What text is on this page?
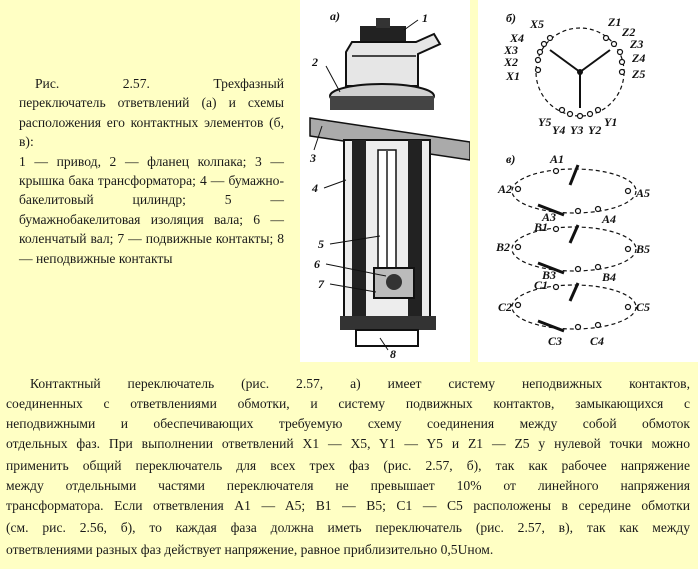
Рис.	2.57.	Трехфазный

переключатель ответвлений (а) и схемы расположения его контактных элементов (б, в):

1 — привод, 2 — фланец колпака; 3 — крышка бака трансформатора; 4 — бумажно-бакелитовый цилиндр; 5 — бумажнобакелитовая изоляция вала; 6 — коленчатый вал; 7 — подвижные контакты; 8 — неподвижные контакты

а)	1
2
3
4
5
6
7
8
б) X5
X4
X3
X2
X1
Z1
Z2
Z3
Z4
Z5
Y5
Y4 Y3 Y2
Y1
в)	A1
A2
A3	A4
A5
B1
B2
B3	B4
B5
C1
C2
C3 C4
C5
Контактный переключатель (рис. 2.57, а) имеет систему неподвижных контактов,
соединенных с ответвлениями обмотки, и систему подвижных контактов, замыкающихся с
неподвижными и обеспечивающих требуемую схему соединения между собой обмоток
отдельных фаз. При выполнении ответвлений X1 — X5, Y1 — Y5 и Z1 — Z5 у нулевой точки можно
применить общий переключатель для всех трех фаз (рис. 2.57, б), так как рабочее напряжение
между отдельными частями переключателя не превышает 10% от линейного напряжения
трансформатора. Если ответвления A1 — A5; B1 — B5; C1 — C5 расположены в середине обмотки
(см. рис. 2.56, б), то каждая фаза должна иметь переключатель (рис. 2.57, в), так как между
ответвлениями разных фаз действует напряжение, равное приблизительно 0,5Uном.
